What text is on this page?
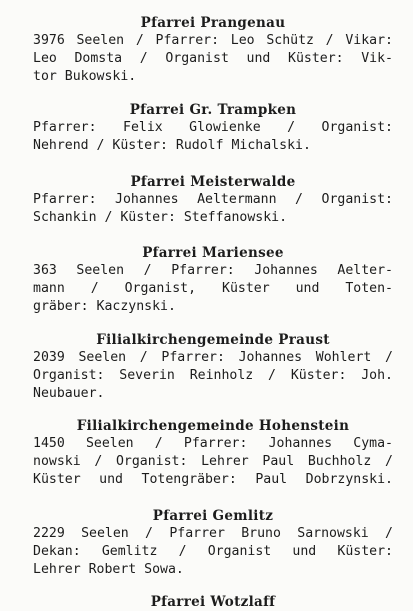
Pfarrei Prangenau

3976 Seelen / Pfarrer: Leo Schütz / Vikar:

Leo Domsta / Organist und Küster: Vik-

tor Bukowski.

Pfarrei Gr. Trampken

Pfarrer: Felix Glowienke / Organist:

Nehrend / Küster: Rudolf Michalski.

Pfarrei Meisterwalde

Pfarrer: Johannes Aeltermann / Organist:

Schankin / Küster: Steffanowski.

Pfarrei Mariensee

363 Seelen / Pfarrer: Johannes Aelter-

mann / Organist, Küster und Toten-

gräber: Kaczynski.

Filialkirchengemeinde Praust

2039 Seelen / Pfarrer: Johannes Wohlert /

Organist: Severin Reinholz / Küster: Joh.

Neubauer.

Filialkirchengemeinde Hohenstein

1450 Seelen / Pfarrer: Johannes Cyma-

nowski / Organist: Lehrer Paul Buchholz /

Küster und Totengräber: Paul Dobrzynski.

Pfarrei Gemlitz

2229 Seelen / Pfarrer Bruno Sarnowski /

Dekan: Gemlitz / Organist und Küster:

Lehrer Robert Sowa.

Pfarrei Wotzlaff
